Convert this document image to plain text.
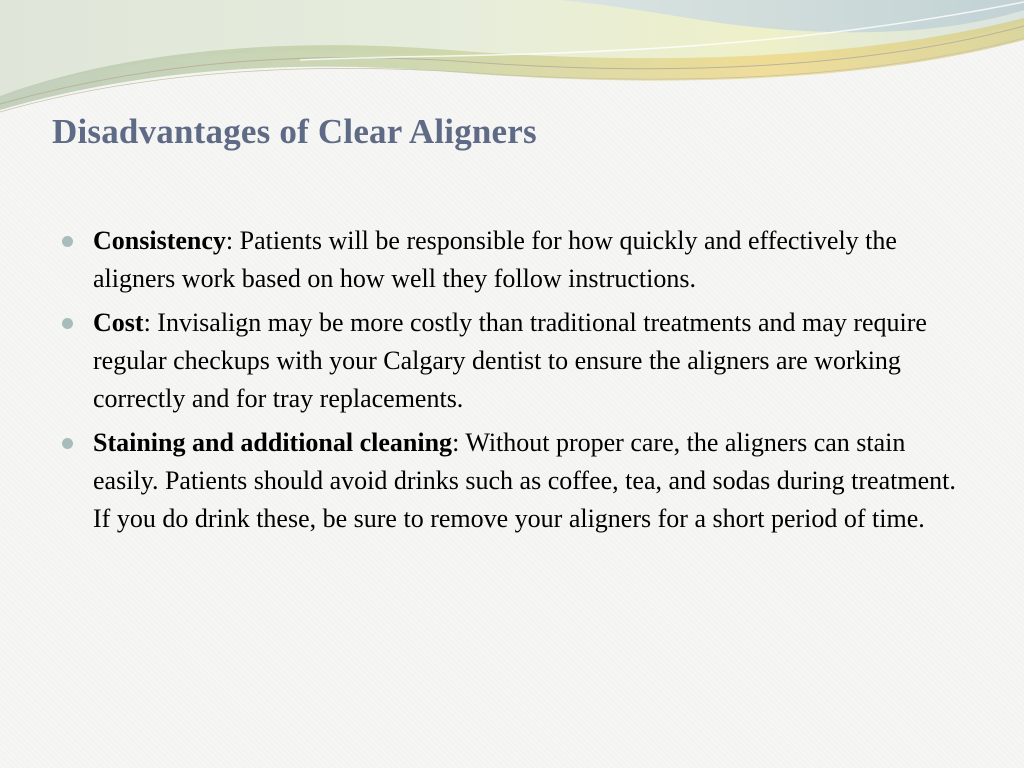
Disadvantages of Clear Aligners
Consistency: Patients will be responsible for how quickly and effectively the aligners work based on how well they follow instructions.
Cost: Invisalign may be more costly than traditional treatments and may require regular checkups with your Calgary dentist to ensure the aligners are working correctly and for tray replacements.
Staining and additional cleaning: Without proper care, the aligners can stain easily. Patients should avoid drinks such as coffee, tea, and sodas during treatment. If you do drink these, be sure to remove your aligners for a short period of time.
